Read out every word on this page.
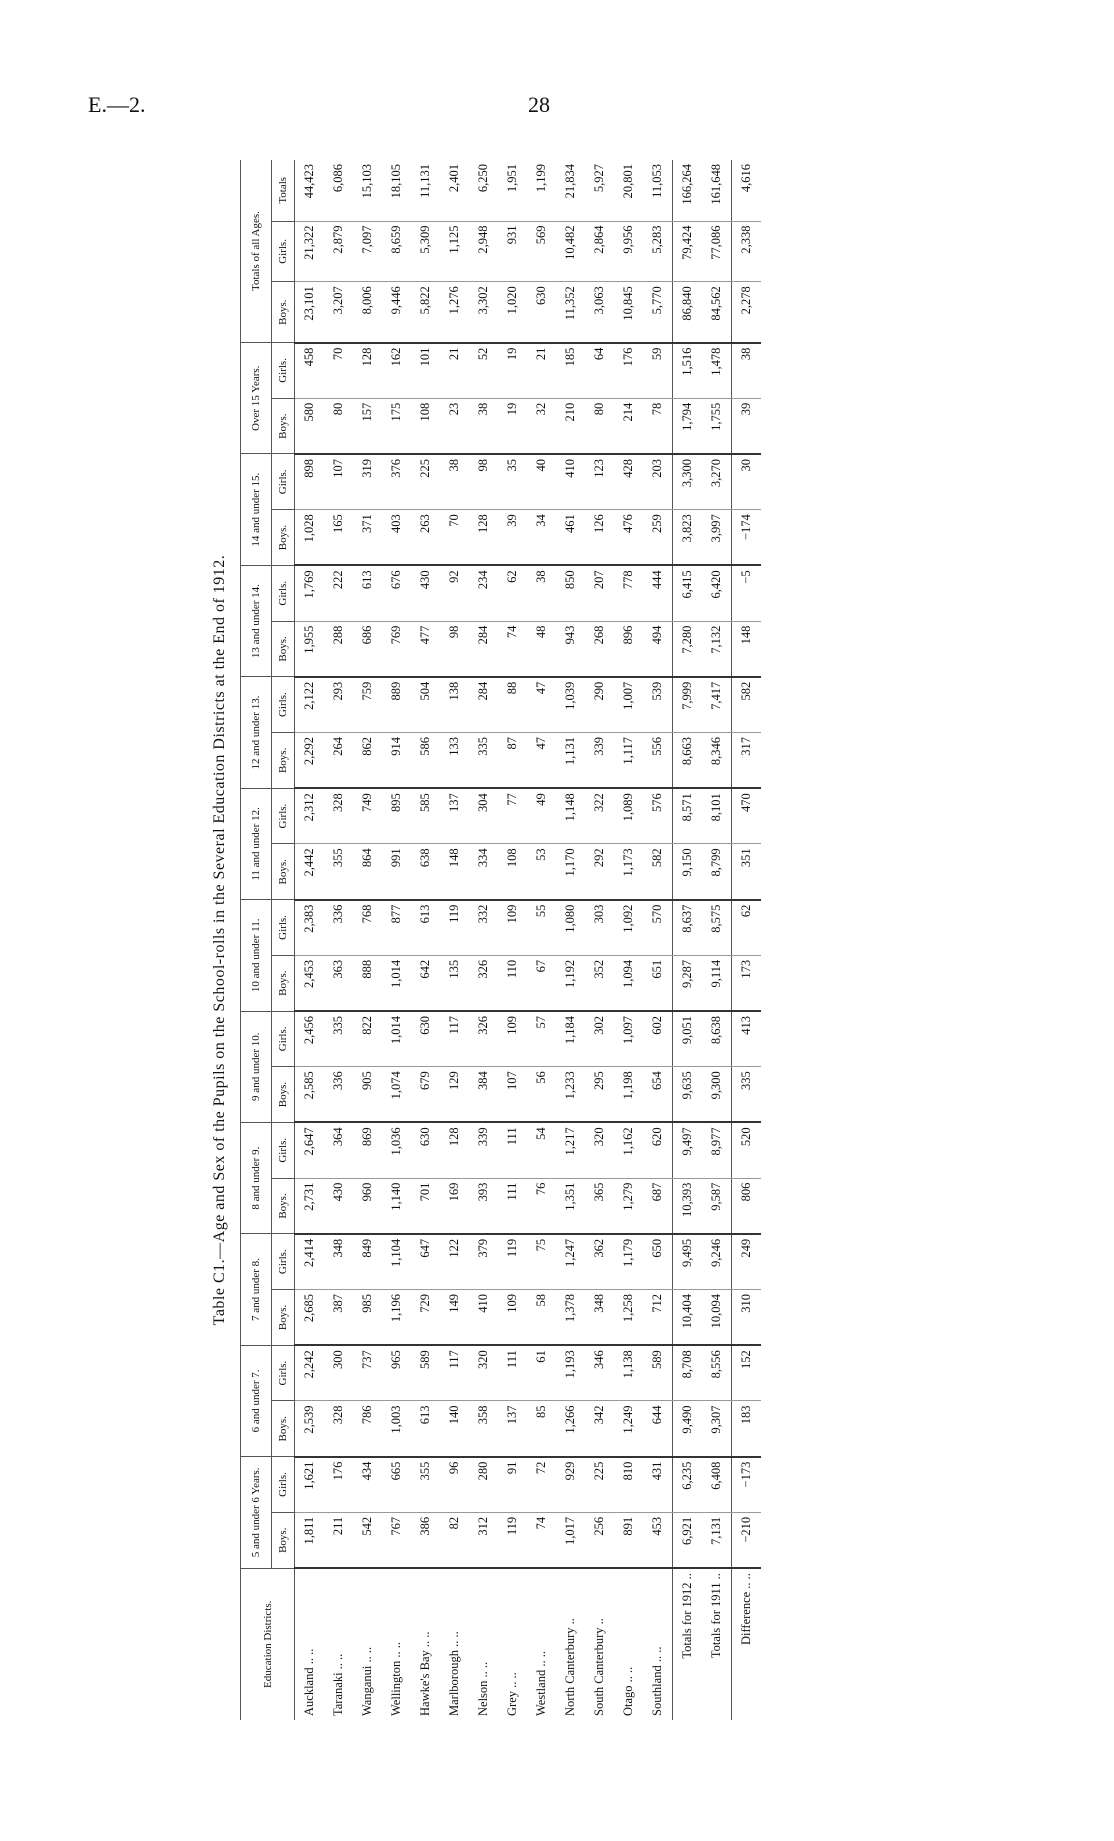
E.—2.	28
Table C1.—Age and Sex of the Pupils on the School-rolls in the Several Education Districts at the End of 1912.
Education Districts.	5 and under 6 Years.		6 and under 7.		7 and under 8.		8 and under 9.		9 and under 10.		10 and under 11.		11 and under 12.		12 and under 13.		13 and under 14.		14 and under 15.		Over 15 Years.		Totals of all Ages.		
	Boys.	Girls.	Boys.	Girls.	Boys.	Girls.	Boys.	Girls.	Boys.	Girls.	Boys.	Girls.	Boys.	Girls.	Boys.	Girls.	Boys.	Girls.	Boys.	Girls.	Boys.	Girls.	Boys.	Girls.	Totals
Auckland .. ..	1,811	1,621	2,539	2,242	2,685	2,414	2,731	2,647	2,585	2,456	2,453	2,383	2,442	2,312	2,292	2,122	1,955	1,769	1,028	898	580	458	23,101	21,322	44,423
Taranaki .. ..	211	176	328	300	387	348	430	364	336	335	363	336	355	328	264	293	288	222	165	107	80	70	3,207	2,879	6,086
Wanganui .. ..	542	434	786	737	985	849	960	869	905	822	888	768	864	749	862	759	686	613	371	319	157	128	8,006	7,097	15,103
Wellington .. ..	767	665	1,003	965	1,196	1,104	1,140	1,036	1,074	1,014	1,014	877	991	895	914	889	769	676	403	376	175	162	9,446	8,659	18,105
Hawke's Bay .. ..	386	355	613	589	729	647	701	630	679	630	642	613	638	585	586	504	477	430	263	225	108	101	5,822	5,309	11,131
Marlborough .. ..	82	96	140	117	149	122	169	128	129	117	135	119	148	137	133	138	98	92	70	38	23	21	1,276	1,125	2,401
Nelson .. ..	312	280	358	320	410	379	393	339	384	326	326	332	334	304	335	284	284	234	128	98	38	52	3,302	2,948	6,250
Grey .. ..	119	91	137	111	109	119	111	111	107	109	110	109	108	77	87	88	74	62	39	35	19	19	1,020	931	1,951
Westland .. ..	74	72	85	61	58	75	76	54	56	57	67	55	53	49	47	47	48	38	34	40	32	21	630	569	1,199
North Canterbury ..	1,017	929	1,266	1,193	1,378	1,247	1,351	1,217	1,233	1,184	1,192	1,080	1,170	1,148	1,131	1,039	943	850	461	410	210	185	11,352	10,482	21,834
South Canterbury ..	256	225	342	346	348	362	365	320	295	302	352	303	292	322	339	290	268	207	126	123	80	64	3,063	2,864	5,927
Otago .. ..	891	810	1,249	1,138	1,258	1,179	1,279	1,162	1,198	1,097	1,094	1,092	1,173	1,089	1,117	1,007	896	778	476	428	214	176	10,845	9,956	20,801
Southland .. ..	453	431	644	589	712	650	687	620	654	602	651	570	582	576	556	539	494	444	259	203	78	59	5,770	5,283	11,053
Totals for 1912 ..	6,921	6,235	9,490	8,708	10,404	9,495	10,393	9,497	9,635	9,051	9,287	8,637	9,150	8,571	8,663	7,999	7,280	6,415	3,823	3,300	1,794	1,516	86,840	79,424	166,264
Totals for 1911 ..	7,131	6,408	9,307	8,556	10,094	9,246	9,587	8,977	9,300	8,638	9,114	8,575	8,799	8,101	8,346	7,417	7,132	6,420	3,997	3,270	1,755	1,478	84,562	77,086	161,648
Difference .. ..	−210	−173	183	152	310	249	806	520	335	413	173	62	351	470	317	582	148	−5	−174	30	39	38	2,278	2,338	4,616
